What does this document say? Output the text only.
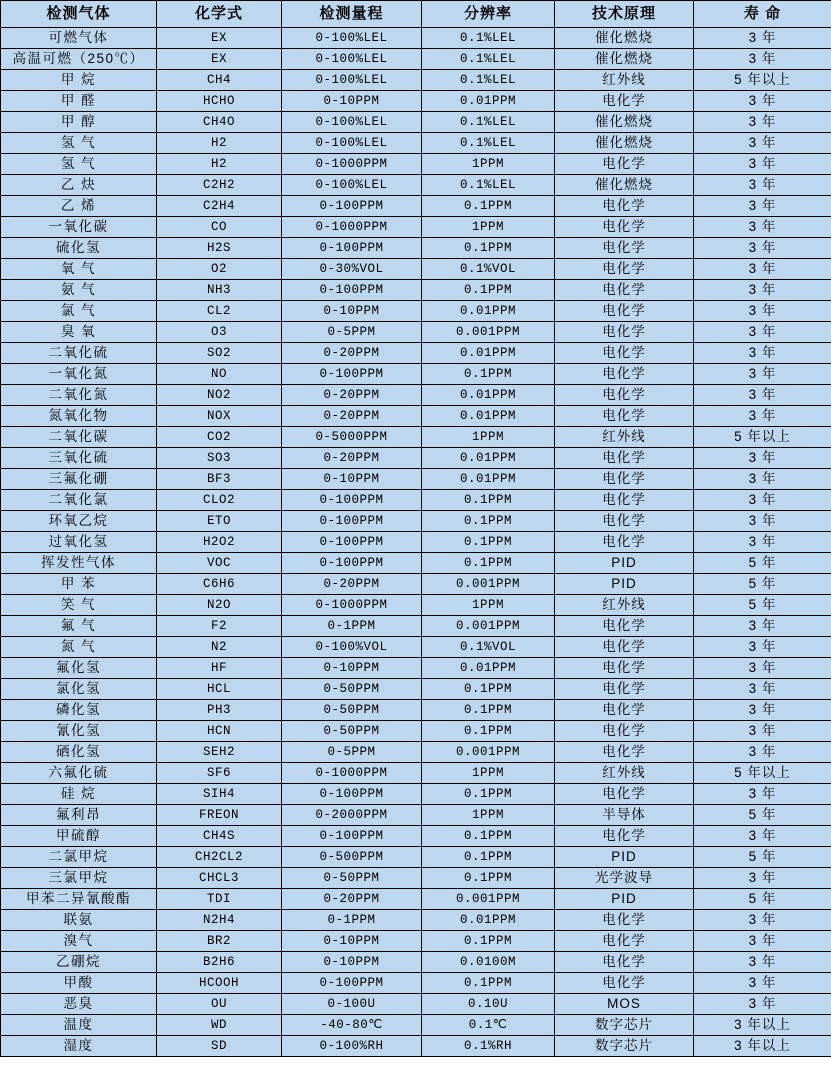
检测气体	化学式	检测量程	分辨率	技术原理	寿 命
可燃气体	EX	0-100%LEL	0.1%LEL	催化燃烧	3 年
高温可燃（250℃）	EX	0-100%LEL	0.1%LEL	催化燃烧	3 年
甲 烷	CH4	0-100%LEL	0.1%LEL	红外线	5 年以上
甲 醛	HCHO	0-10PPM	0.01PPM	电化学	3 年
甲 醇	CH4O	0-100%LEL	0.1%LEL	催化燃烧	3 年
氢 气	H2	0-100%LEL	0.1%LEL	催化燃烧	3 年
氢 气	H2	0-1000PPM	1PPM	电化学	3 年
乙 炔	C2H2	0-100%LEL	0.1%LEL	催化燃烧	3 年
乙 烯	C2H4	0-100PPM	0.1PPM	电化学	3 年
一氧化碳	CO	0-1000PPM	1PPM	电化学	3 年
硫化氢	H2S	0-100PPM	0.1PPM	电化学	3 年
氧 气	O2	0-30%VOL	0.1%VOL	电化学	3 年
氨 气	NH3	0-100PPM	0.1PPM	电化学	3 年
氯 气	CL2	0-10PPM	0.01PPM	电化学	3 年
臭 氧	O3	0-5PPM	0.001PPM	电化学	3 年
二氧化硫	SO2	0-20PPM	0.01PPM	电化学	3 年
一氧化氮	NO	0-100PPM	0.1PPM	电化学	3 年
二氧化氮	NO2	0-20PPM	0.01PPM	电化学	3 年
氮氧化物	NOX	0-20PPM	0.01PPM	电化学	3 年
二氧化碳	CO2	0-5000PPM	1PPM	红外线	5 年以上
三氧化硫	SO3	0-20PPM	0.01PPM	电化学	3 年
三氟化硼	BF3	0-10PPM	0.01PPM	电化学	3 年
二氧化氯	CLO2	0-100PPM	0.1PPM	电化学	3 年
环氧乙烷	ETO	0-100PPM	0.1PPM	电化学	3 年
过氧化氢	H2O2	0-100PPM	0.1PPM	电化学	3 年
挥发性气体	VOC	0-100PPM	0.1PPM	PID	5 年
甲 苯	C6H6	0-20PPM	0.001PPM	PID	5 年
笑 气	N2O	0-1000PPM	1PPM	红外线	5 年
氟 气	F2	0-1PPM	0.001PPM	电化学	3 年
氮 气	N2	0-100%VOL	0.1%VOL	电化学	3 年
氟化氢	HF	0-10PPM	0.01PPM	电化学	3 年
氯化氢	HCL	0-50PPM	0.1PPM	电化学	3 年
磷化氢	PH3	0-50PPM	0.1PPM	电化学	3 年
氰化氢	HCN	0-50PPM	0.1PPM	电化学	3 年
硒化氢	SEH2	0-5PPM	0.001PPM	电化学	3 年
六氟化硫	SF6	0-1000PPM	1PPM	红外线	5 年以上
硅 烷	SIH4	0-100PPM	0.1PPM	电化学	3 年
氟利昂	FREON	0-2000PPM	1PPM	半导体	5 年
甲硫醇	CH4S	0-100PPM	0.1PPM	电化学	3 年
二氯甲烷	CH2CL2	0-500PPM	0.1PPM	PID	5 年
三氯甲烷	CHCL3	0-50PPM	0.1PPM	光学波导	3 年
甲苯二异氰酸酯	TDI	0-20PPM	0.001PPM	PID	5 年
联氨	N2H4	0-1PPM	0.01PPM	电化学	3 年
溴气	BR2	0-10PPM	0.1PPM	电化学	3 年
乙硼烷	B2H6	0-10PPM	0.0100M	电化学	3 年
甲酸	HCOOH	0-100PPM	0.1PPM	电化学	3 年
恶臭	OU	0-100U	0.10U	MOS	3 年
温度	WD	-40-80℃	0.1℃	数字芯片	3 年以上
湿度	SD	0-100%RH	0.1%RH	数字芯片	3 年以上
